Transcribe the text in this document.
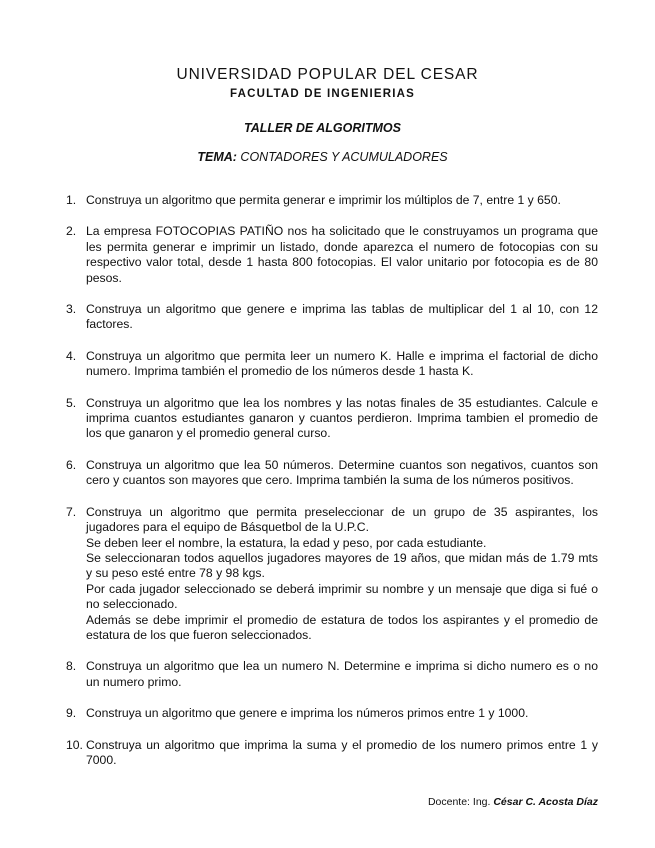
UNIVERSIDAD POPULAR DEL CESAR
FACULTAD DE INGENIERIAS
TALLER DE ALGORITMOS
TEMA: CONTADORES Y ACUMULADORES
1. Construya un algoritmo que permita generar e imprimir los múltiplos de 7, entre 1 y 650.
2. La empresa FOTOCOPIAS PATIÑO nos ha solicitado que le construyamos un programa que les permita generar e imprimir un listado, donde aparezca el numero de fotocopias con su respectivo valor total, desde 1 hasta 800 fotocopias. El valor unitario por fotocopia es de 80 pesos.
3. Construya un algoritmo que genere e imprima las tablas de multiplicar del 1 al 10, con 12 factores.
4. Construya un algoritmo que permita leer un numero K. Halle e imprima el factorial de dicho numero. Imprima también el promedio de los números desde 1 hasta K.
5. Construya un algoritmo que lea los nombres y las notas finales de 35 estudiantes. Calcule e imprima cuantos estudiantes ganaron y cuantos perdieron. Imprima tambien el promedio de los que ganaron y el promedio general curso.
6. Construya un algoritmo que lea 50 números. Determine cuantos son negativos, cuantos son cero y cuantos son mayores que cero. Imprima también la suma de los números positivos.
7. Construya un algoritmo que permita preseleccionar de un grupo de 35 aspirantes, los jugadores para el equipo de Básquetbol de la U.P.C.
Se deben leer el nombre, la estatura, la edad y peso, por cada estudiante.
Se seleccionaran todos aquellos jugadores mayores de 19 años, que midan más de 1.79 mts y su peso esté entre 78 y 98 kgs.
Por cada jugador seleccionado se deberá imprimir su nombre y un mensaje que diga si fué o no seleccionado.
Además se debe imprimir el promedio de estatura de todos los aspirantes y el promedio de estatura de los que fueron seleccionados.
8. Construya un algoritmo que lea un numero N. Determine e imprima si dicho numero es o no un numero primo.
9. Construya un algoritmo que genere e imprima los números primos entre 1 y 1000.
10. Construya un algoritmo que imprima la suma y el promedio de los numero primos entre 1 y 7000.
Docente: Ing. César C. Acosta Díaz
